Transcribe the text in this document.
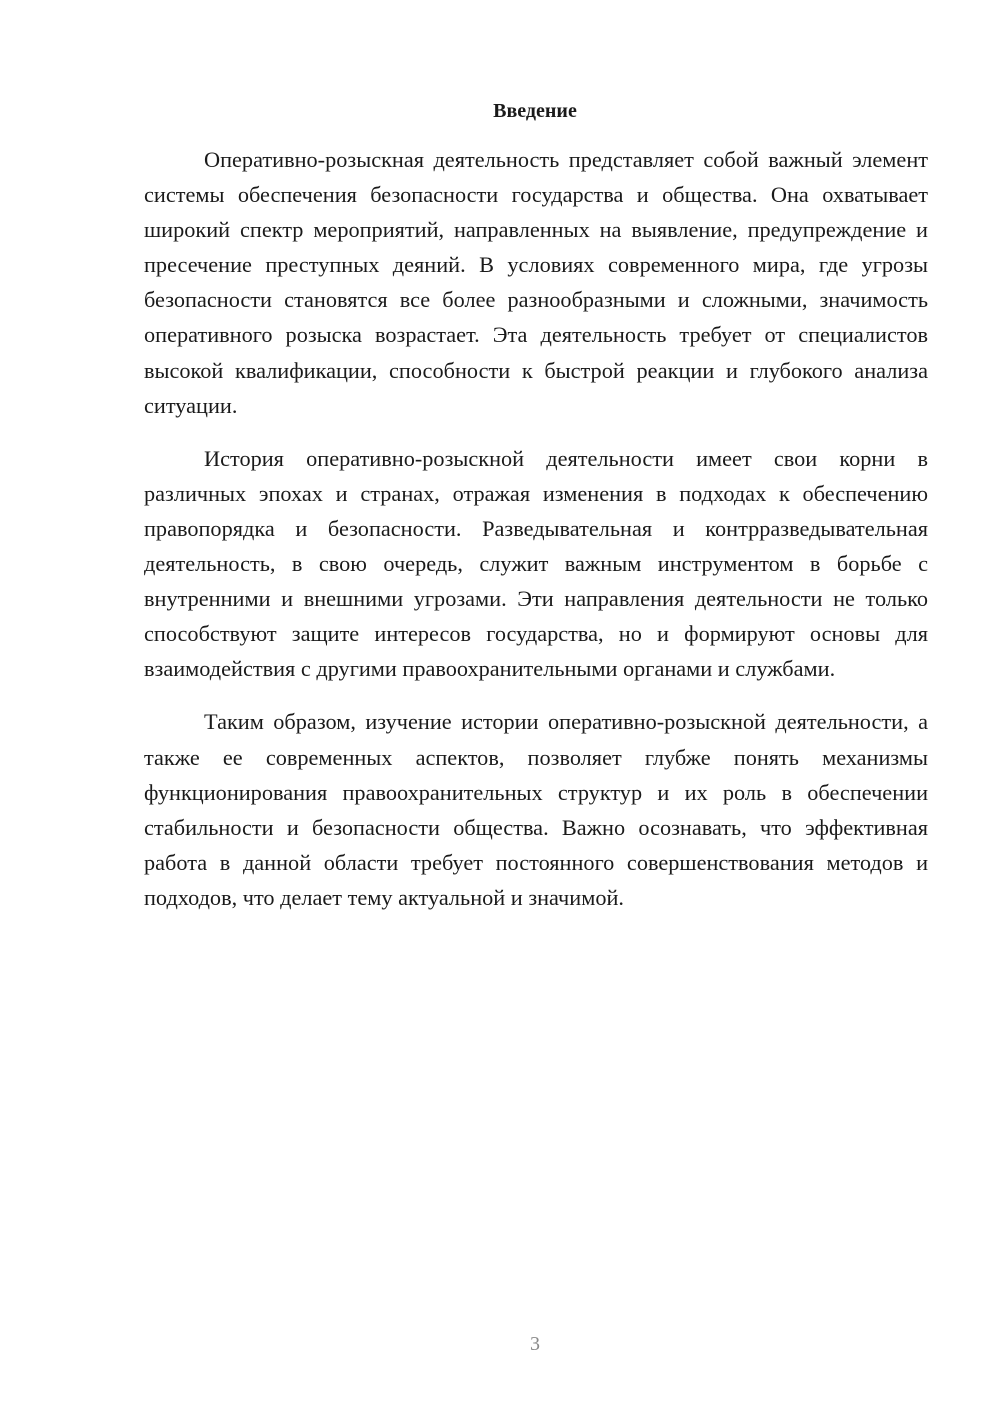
Введение

Оперативно-розыскная деятельность представляет собой важный элемент системы обеспечения безопасности государства и общества. Она охватывает широкий спектр мероприятий, направленных на выявление, предупреждение и пресечение преступных деяний. В условиях современного мира, где угрозы безопасности становятся все более разнообразными и сложными, значимость оперативного розыска возрастает. Эта деятельность требует от специалистов высокой квалификации, способности к быстрой реакции и глубокого анализа ситуации.

История оперативно-розыскной деятельности имеет свои корни в различных эпохах и странах, отражая изменения в подходах к обеспечению правопорядка и безопасности. Разведывательная и контрразведывательная деятельность, в свою очередь, служит важным инструментом в борьбе с внутренними и внешними угрозами. Эти направления деятельности не только способствуют защите интересов государства, но и формируют основы для взаимодействия с другими правоохранительными органами и службами.

Таким образом, изучение истории оперативно-розыскной деятельности, а также ее современных аспектов, позволяет глубже понять механизмы функционирования правоохранительных структур и их роль в обеспечении стабильности и безопасности общества. Важно осознавать, что эффективная работа в данной области требует постоянного совершенствования методов и подходов, что делает тему актуальной и значимой.

3
